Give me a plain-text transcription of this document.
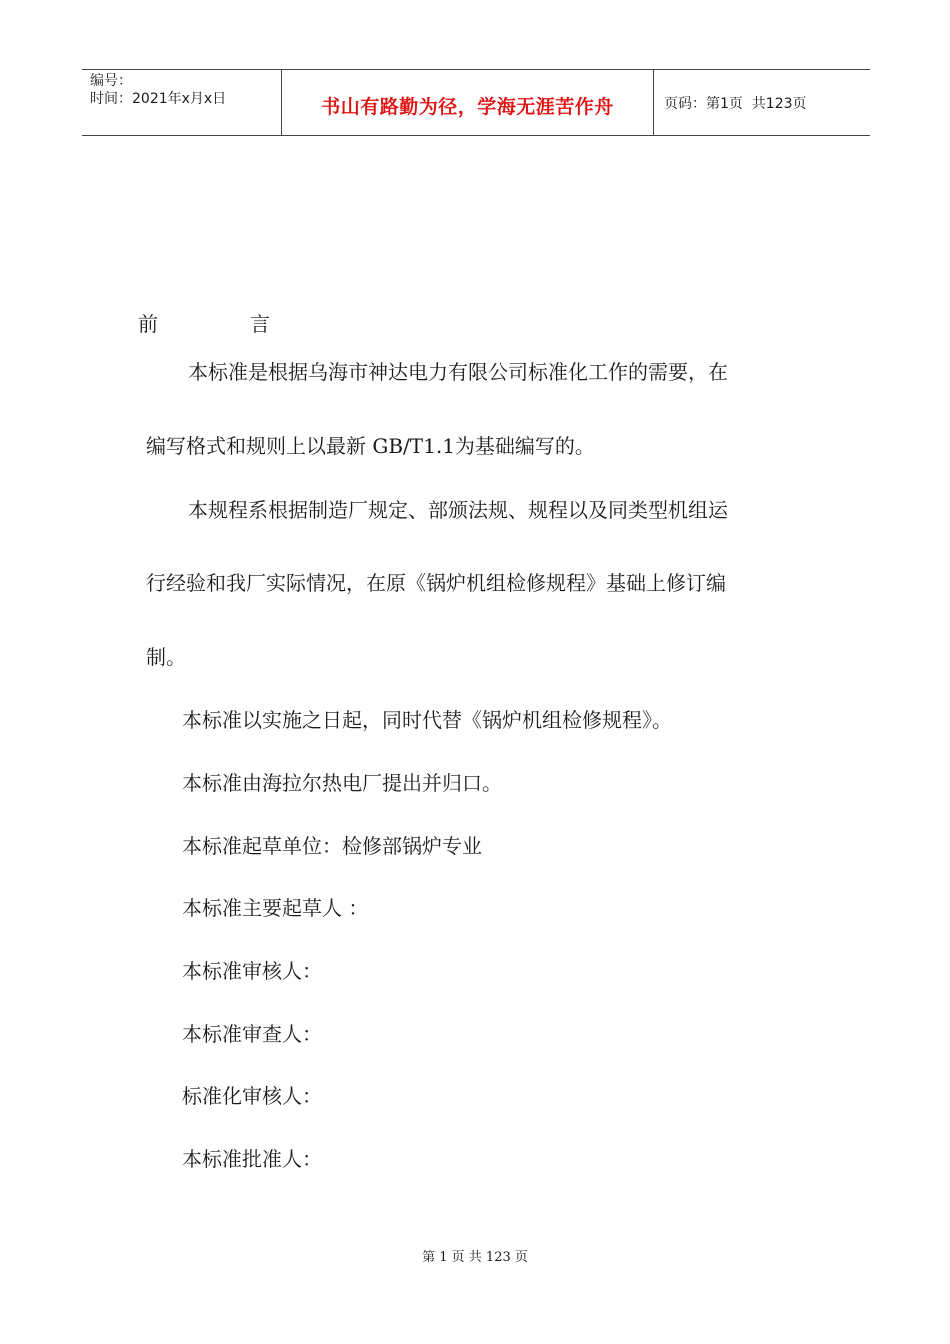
编号：
时间：2021年x月x日	书山有路勤为径，学海无涯苦作舟	页码：第1页  共123页
前	言
本标准是根据乌海市神达电力有限公司标准化工作的需要，在
编写格式和规则上以最新 GB/T1.1为基础编写的。
本规程系根据制造厂规定、部颁法规、规程以及同类型机组运
行经验和我厂实际情况，在原《锅炉机组检修规程》基础上修订编
制。
本标准以实施之日起，同时代替《锅炉机组检修规程》。
本标准由海拉尔热电厂提出并归口。
本标准起草单位：检修部锅炉专业
本标准主要起草人 ：
本标准审核人：
本标准审查人：
标准化审核人：
本标准批准人：
第 1 页 共 123 页
